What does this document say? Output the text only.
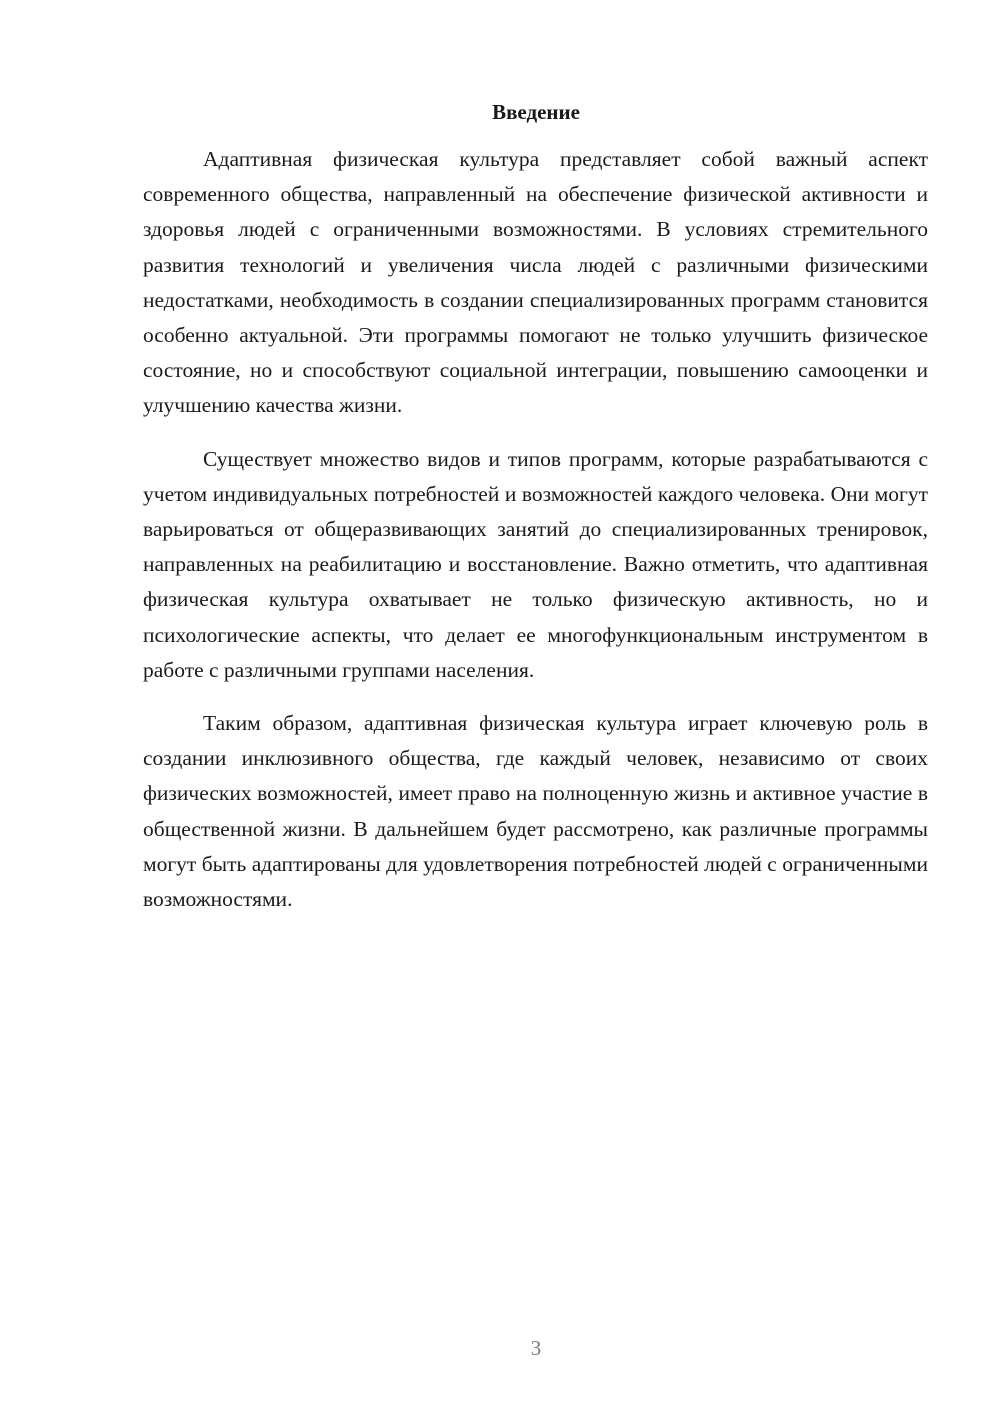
Введение

Адаптивная физическая культура представляет собой важный аспект современного общества, направленный на обеспечение физической активности и здоровья людей с ограниченными возможностями. В условиях стремительного развития технологий и увеличения числа людей с различными физическими недостатками, необходимость в создании специализированных программ становится особенно актуальной. Эти программы помогают не только улучшить физическое состояние, но и способствуют социальной интеграции, повышению самооценки и улучшению качества жизни.

Существует множество видов и типов программ, которые разрабатываются с учетом индивидуальных потребностей и возможностей каждого человека. Они могут варьироваться от общеразвивающих занятий до специализированных тренировок, направленных на реабилитацию и восстановление. Важно отметить, что адаптивная физическая культура охватывает не только физическую активность, но и психологические аспекты, что делает ее многофункциональным инструментом в работе с различными группами населения.

Таким образом, адаптивная физическая культура играет ключевую роль в создании инклюзивного общества, где каждый человек, независимо от своих физических возможностей, имеет право на полноценную жизнь и активное участие в общественной жизни. В дальнейшем будет рассмотрено, как различные программы могут быть адаптированы для удовлетворения потребностей людей с ограниченными возможностями.

3
